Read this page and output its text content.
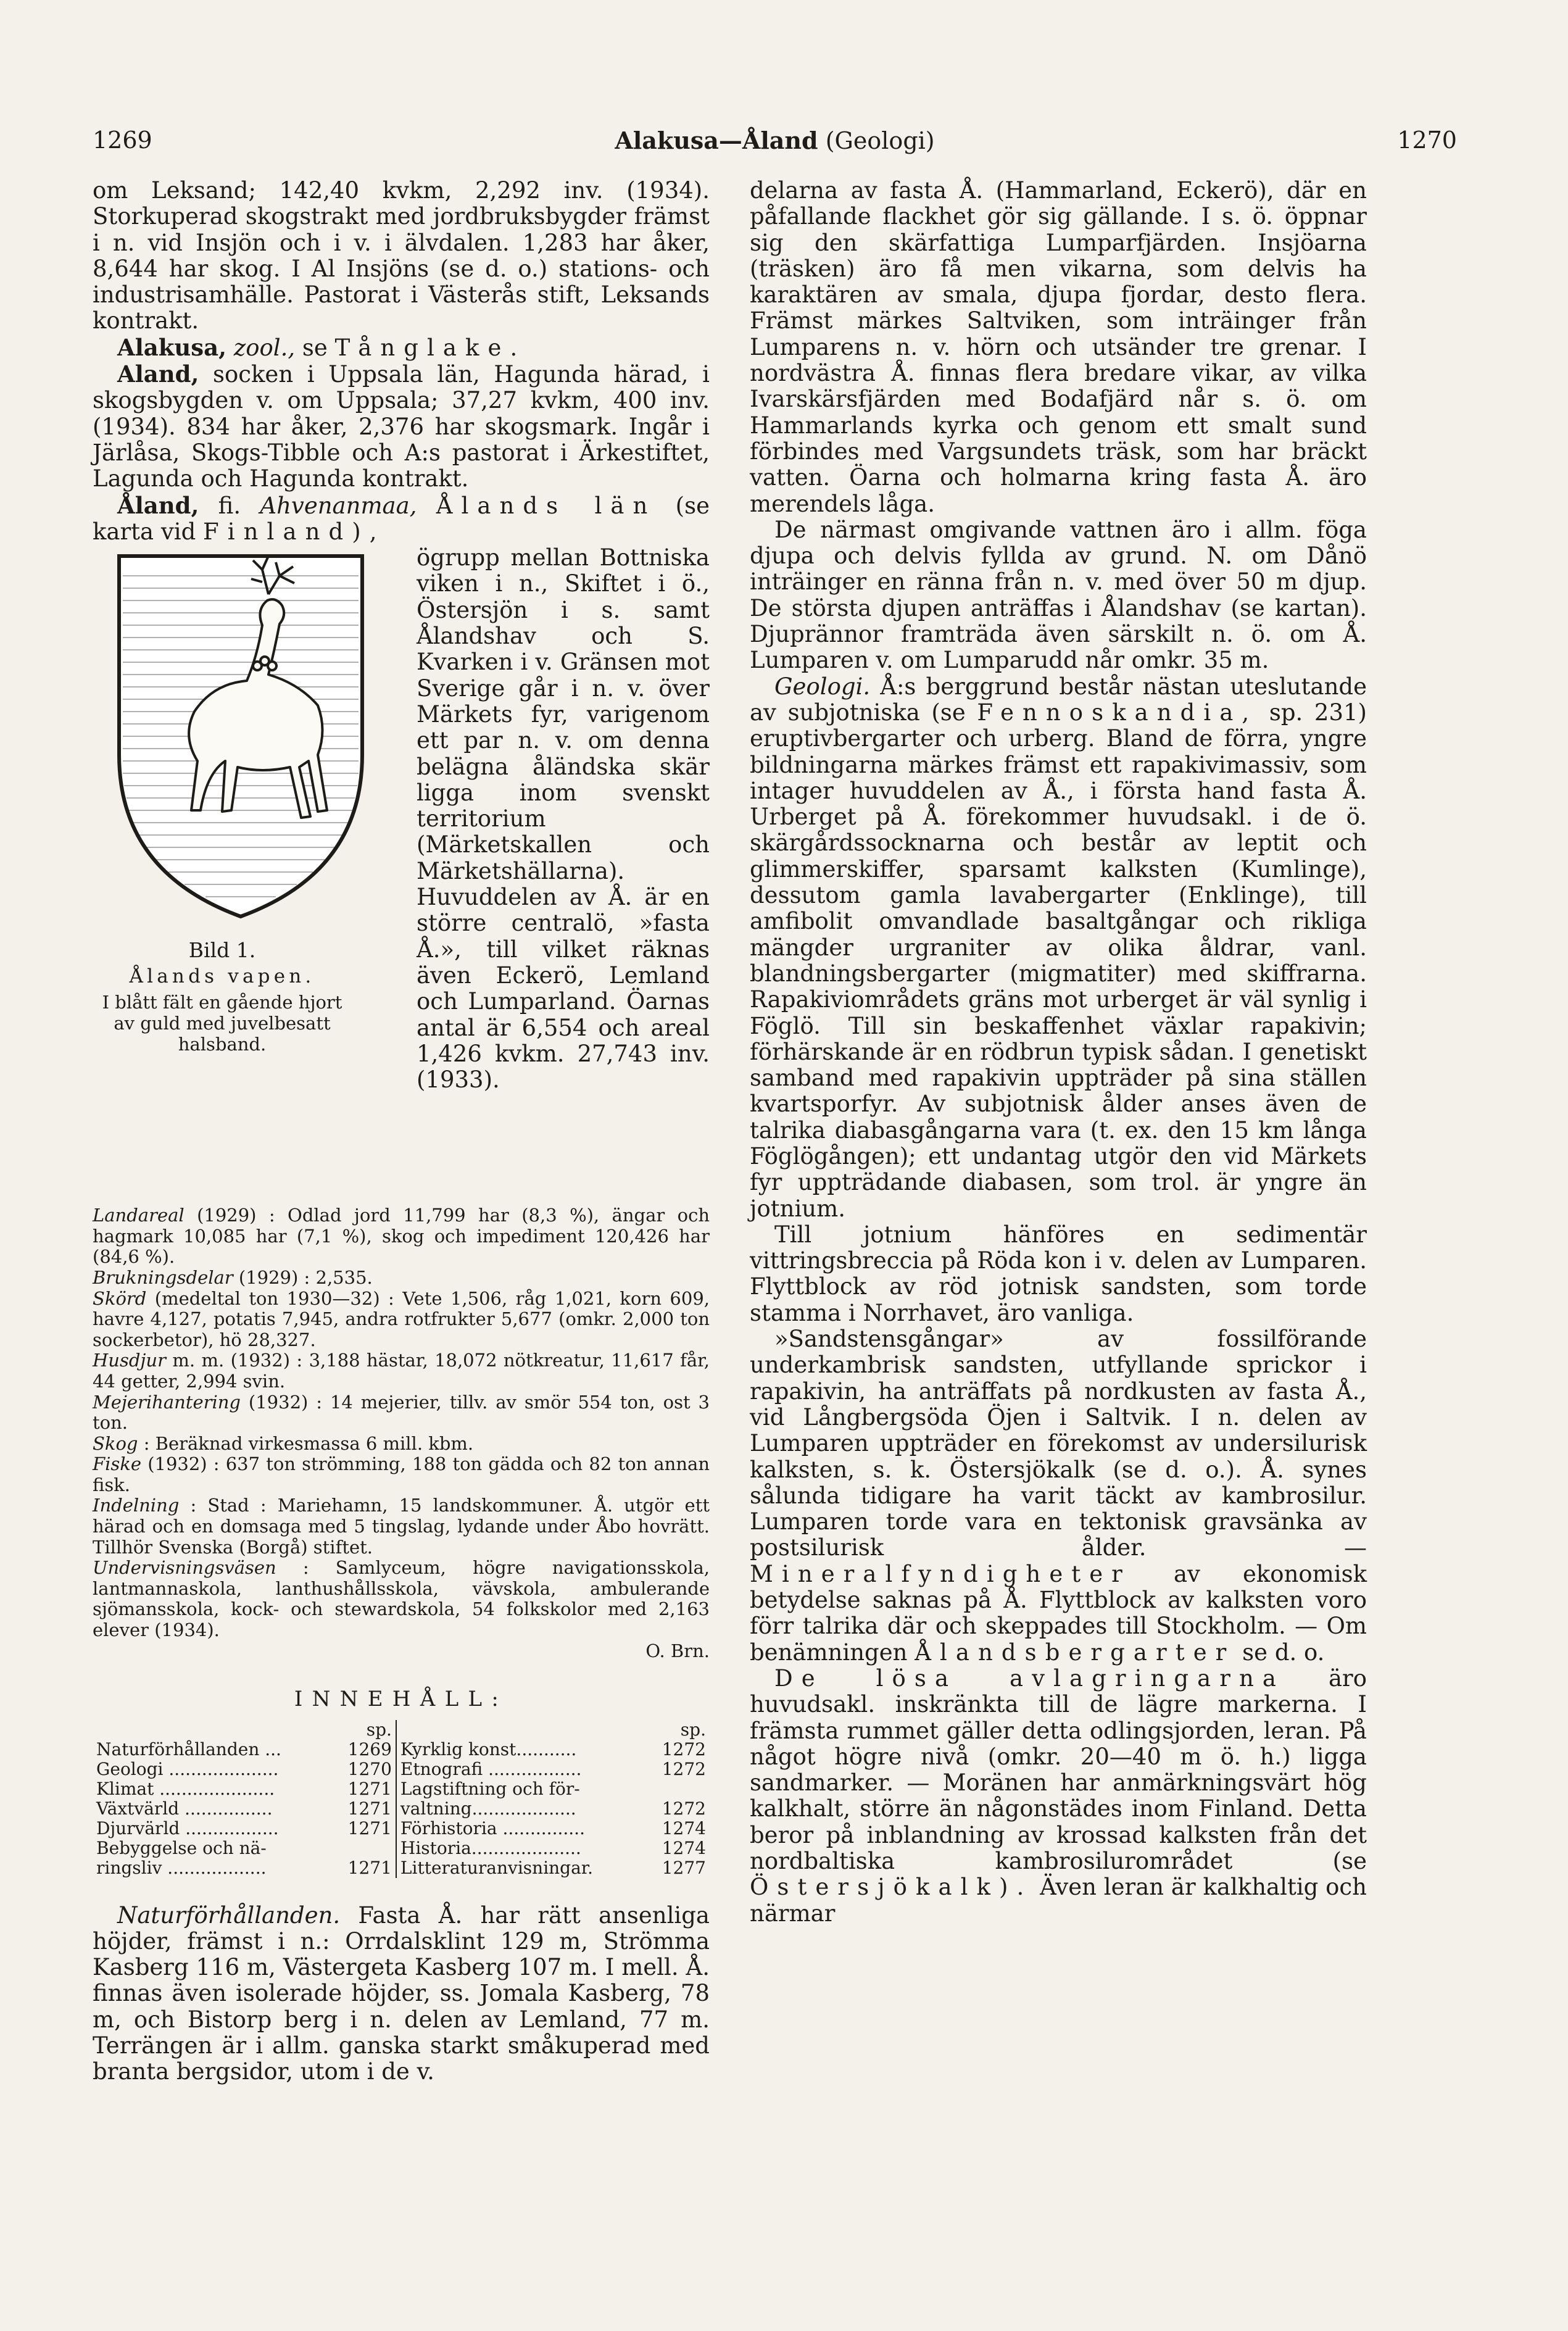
1269	Alakusa—Åland (Geologi)	1270

om Leksand; 142,40 kvkm, 2,292 inv. (1934). Storkuperad skogstrakt med jordbruksbygder främst i n. vid Insjön och i v. i älvdalen. 1,283 har åker, 8,644 har skog. I Al Insjöns (se d. o.) stations- och industrisamhälle. Pastorat i Västerås stift, Leksands kontrakt.

Alakusa, zool., se Tånglake.

Aland, socken i Uppsala län, Hagunda härad, i skogsbygden v. om Uppsala; 37,27 kvkm, 400 inv. (1934). 834 har åker, 2,376 har skogsmark. Ingår i Järlåsa, Skogs-Tibble och A:s pastorat i Ärkestiftet, Lagunda och Hagunda kontrakt.

Åland, fi. Ahvenanmaa, Ålands län (se karta vid Finland),

Bild 1.
Ålands vapen.
I blått fält en gående hjort av guld med juvelbesatt halsband.

ögrupp mellan Bottniska viken i n., Skiftet i ö., Östersjön i s. samt Ålandshav och S. Kvarken i v. Gränsen mot Sverige går i n. v. över Märkets fyr, varigenom ett par n. v. om denna belägna åländska skär ligga inom svenskt territorium (Märketskallen och Märketshällarna). Huvuddelen av Å. är en större centralö, »fasta Å.», till vilket räknas även Eckerö, Lemland och Lumparland. Öarnas antal är 6,554 och areal 1,426 kvkm. 27,743 inv. (1933).

Landareal (1929) : Odlad jord 11,799 har (8,3 %), ängar och hagmark 10,085 har (7,1 %), skog och impediment 120,426 har (84,6 %).

Brukningsdelar (1929) : 2,535.

Skörd (medeltal ton 1930—32) : Vete 1,506, råg 1,021, korn 609, havre 4,127, potatis 7,945, andra rotfrukter 5,677 (omkr. 2,000 ton sockerbetor), hö 28,327.

Husdjur m. m. (1932) : 3,188 hästar, 18,072 nötkreatur, 11,617 får, 44 getter, 2,994 svin.

Mejerihantering (1932) : 14 mejerier, tillv. av smör 554 ton, ost 3 ton.

Skog : Beräknad virkesmassa 6 mill. kbm.

Fiske (1932) : 637 ton strömming, 188 ton gädda och 82 ton annan fisk.

Indelning : Stad : Mariehamn, 15 landskommuner. Å. utgör ett härad och en domsaga med 5 tingslag, lydande under Åbo hovrätt. Tillhör Svenska (Borgå) stiftet.

Undervisningsväsen : Samlyceum, högre navigationsskola, lantmannaskola, lanthushållsskola, vävskola, ambulerande sjömansskola, kock- och stewardskola, 54 folkskolor med 2,163 elever (1934).

O. Brn.

INNEHÅLL:
	sp.		sp.
Naturförhållanden ...	1269	Kyrklig konst...........	1272
Geologi ....................	1270	Etnografi .................	1272
Klimat .....................	1271	Lagstiftning och för-	
Växtvärld ................	1271	valtning...................	1272
Djurvärld .................	1271	Förhistoria ...............	1274
Bebyggelse och nä-		Historia....................	1274
ringsliv ..................	1271	Litteraturanvisningar.	1277

Naturförhållanden. Fasta Å. har rätt ansenliga höjder, främst i n.: Orrdalsklint 129 m, Strömma Kasberg 116 m, Västergeta Kasberg 107 m. I mell. Å. finnas även isolerade höjder, ss. Jomala Kasberg, 78 m, och Bistorp berg i n. delen av Lemland, 77 m. Terrängen är i allm. ganska starkt småkuperad med branta bergsidor, utom i de v.

delarna av fasta Å. (Hammarland, Eckerö), där en påfallande flackhet gör sig gällande. I s. ö. öppnar sig den skärfattiga Lumparfjärden. Insjöarna (träsken) äro få men vikarna, som delvis ha karaktären av smala, djupa fjordar, desto flera. Främst märkes Saltviken, som inträinger från Lumparens n. v. hörn och utsänder tre grenar. I nordvästra Å. finnas flera bredare vikar, av vilka Ivarskärsfjärden med Bodafjärd når s. ö. om Hammarlands kyrka och genom ett smalt sund förbindes med Vargsundets träsk, som har bräckt vatten. Öarna och holmarna kring fasta Å. äro merendels låga.

De närmast omgivande vattnen äro i allm. föga djupa och delvis fyllda av grund. N. om Dånö inträinger en ränna från n. v. med över 50 m djup. De största djupen anträffas i Ålandshav (se kartan). Djuprännor framträda även särskilt n. ö. om Å. Lumparen v. om Lumparudd når omkr. 35 m.

Geologi. Å:s berggrund består nästan uteslutande av subjotniska (se Fennoskandia, sp. 231) eruptivbergarter och urberg. Bland de förra, yngre bildningarna märkes främst ett rapakivimassiv, som intager huvuddelen av Å., i första hand fasta Å. Urberget på Å. förekommer huvudsakl. i de ö. skärgårdssocknarna och består av leptit och glimmerskiffer, sparsamt kalksten (Kumlinge), dessutom gamla lavabergarter (Enklinge), till amfibolit omvandlade basaltgångar och rikliga mängder urgraniter av olika åldrar, vanl. blandningsbergarter (migmatiter) med skiffrarna. Rapakiviområdets gräns mot urberget är väl synlig i Föglö. Till sin beskaffenhet växlar rapakivin; förhärskande är en rödbrun typisk sådan. I genetiskt samband med rapakivin uppträder på sina ställen kvartsporfyr. Av subjotnisk ålder anses även de talrika diabasgångarna vara (t. ex. den 15 km långa Föglögången); ett undantag utgör den vid Märkets fyr uppträdande diabasen, som trol. är yngre än jotnium.

Till jotnium hänföres en sedimentär vittringsbreccia på Röda kon i v. delen av Lumparen. Flyttblock av röd jotnisk sandsten, som torde stamma i Norrhavet, äro vanliga.

»Sandstensgångar» av fossilförande underkambrisk sandsten, utfyllande sprickor i rapakivin, ha anträffats på nordkusten av fasta Å., vid Långbergsöda Öjen i Saltvik. I n. delen av Lumparen uppträder en förekomst av undersilurisk kalksten, s. k. Östersjökalk (se d. o.). Å. synes sålunda tidigare ha varit täckt av kambrosilur. Lumparen torde vara en tektonisk gravsänka av postsilurisk ålder. — Mineralfyndigheter av ekonomisk betydelse saknas på Å. Flyttblock av kalksten voro förr talrika där och skeppades till Stockholm. — Om benämningen Ålandsbergarter se d. o.

De lösa avlagringarna äro huvudsakl. inskränkta till de lägre markerna. I främsta rummet gäller detta odlingsjorden, leran. På något högre nivå (omkr. 20—40 m ö. h.) ligga sandmarker. — Moränen har anmärkningsvärt hög kalkhalt, större än någonstädes inom Finland. Detta beror på inblandning av krossad kalksten från det nordbaltiska kambrosilurområdet (se Östersjökalk). Även leran är kalkhaltig och närmar
